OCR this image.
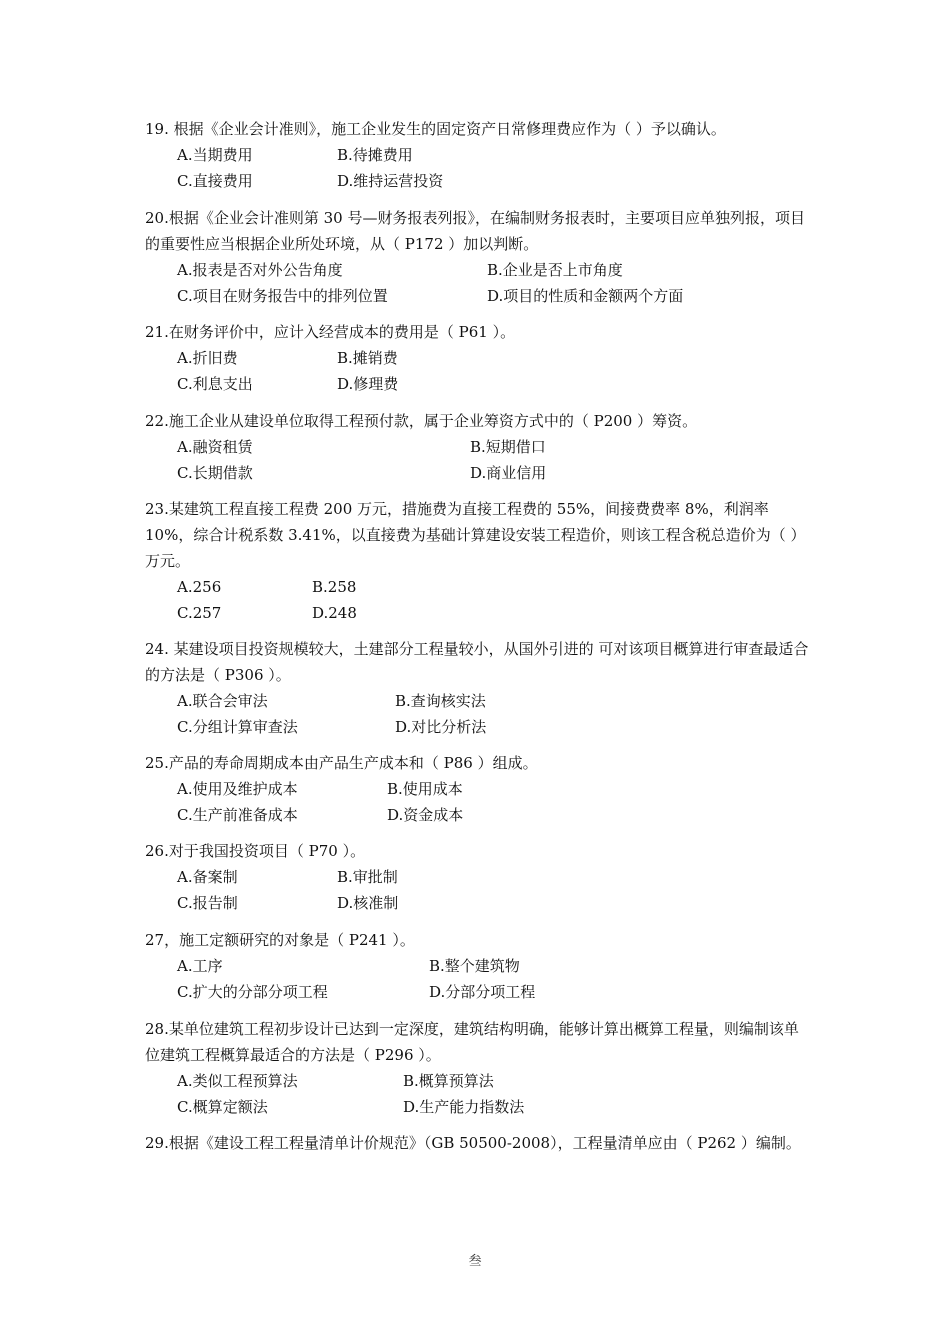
19. 根据《企业会计准则》，施工企业发生的固定资产日常修理费应作为（ ）予以确认。
A.当期费用	B.待摊费用
C.直接费用	D.维持运营投资
20.根据《企业会计准则第 30 号—财务报表列报》，在编制财务报表时，主要项目应单独列报，项目的重要性应当根据企业所处环境，从（ P172 ）加以判断。
A.报表是否对外公告角度	B.企业是否上市角度
C.项目在财务报告中的排列位置	D.项目的性质和金额两个方面
21.在财务评价中，应计入经营成本的费用是（ P61 ）。
A.折旧费	B.摊销费
C.利息支出	D.修理费
22.施工企业从建设单位取得工程预付款，属于企业筹资方式中的（ P200 ）筹资。
A.融资租赁	B.短期借口
C.长期借款	D.商业信用
23.某建筑工程直接工程费 200 万元，措施费为直接工程费的 55%，间接费费率 8%，利润率 10%，综合计税系数 3.41%，以直接费为基础计算建设安装工程造价，则该工程含税总造价为（ ）万元。
A.256	B.258
C.257	D.248
24. 某建设项目投资规模较大，土建部分工程量较小，从国外引进的 可对该项目概算进行审查最适合的方法是（ P306 ）。
A.联合会审法	B.查询核实法
C.分组计算审查法	D.对比分析法
25.产品的寿命周期成本由产品生产成本和（ P86 ）组成。
A.使用及维护成本	B.使用成本
C.生产前准备成本	D.资金成本
26.对于我国投资项目（ P70 ）。
A.备案制	B.审批制
C.报告制	D.核准制
27，施工定额研究的对象是（ P241 ）。
A.工序	B.整个建筑物
C.扩大的分部分项工程	D.分部分项工程
28.某单位建筑工程初步设计已达到一定深度，建筑结构明确，能够计算出概算工程量，则编制该单位建筑工程概算最适合的方法是（ P296 ）。
A.类似工程预算法	B.概算预算法
C.概算定额法	D.生产能力指数法
29.根据《建设工程工程量清单计价规范》（GB 50500-2008），工程量清单应由（ P262 ）编制。
叁
